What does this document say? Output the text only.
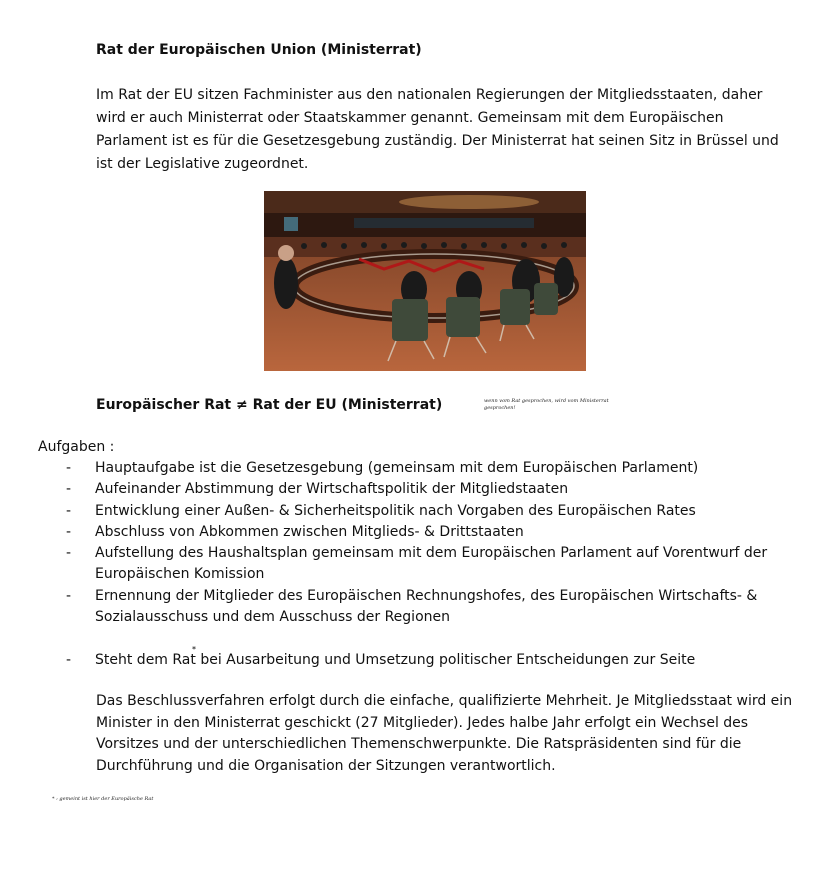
Rat der Europäischen Union (Ministerrat)

Im Rat der EU sitzen Fachminister aus den nationalen Regierungen der Mitgliedsstaaten, daher wird er auch Ministerrat oder Staatskammer genannt. Gemeinsam mit dem Europäischen Parlament ist es für die Gesetzesgebung zuständig. Der Ministerrat hat seinen Sitz in Brüssel und ist der Legislative zugeordnet.

Europäischer Rat ≠ Rat der EU (Ministerrat)	wenn vom Rat gesprochen, wird vom Ministerrat gesprochen!

Aufgaben :

- Hauptaufgabe ist die Gesetzesgebung (gemeinsam mit dem Europäischen Parlament)
- Aufeinander Abstimmung der Wirtschaftspolitik der Mitgliedstaaten
- Entwicklung einer Außen- & Sicherheitspolitik nach Vorgaben des Europäischen Rates
- Abschluss von Abkommen zwischen Mitglieds- & Drittstaaten
- Aufstellung des Haushaltsplan gemeinsam mit dem Europäischen Parlament auf Vorentwurf der Europäischen Komission
- Ernennung der Mitglieder des Europäischen Rechnungshofes, des Europäischen Wirtschafts- & Sozialausschuss und dem Ausschuss der Regionen
- Steht dem Rat bei Ausarbeitung und Umsetzung politischer Entscheidungen zur Seite
*

Das Beschlussverfahren erfolgt durch die einfache, qualifizierte Mehrheit. Je Mitgliedsstaat wird ein Minister in den Ministerrat geschickt (27 Mitglieder). Jedes halbe Jahr erfolgt ein Wechsel des Vorsitzes und der unterschiedlichen Themenschwerpunkte. Die Ratspräsidenten sind für die Durchführung und die Organisation der Sitzungen verantwortlich.

* : gemeint ist hier der Europäische Rat
